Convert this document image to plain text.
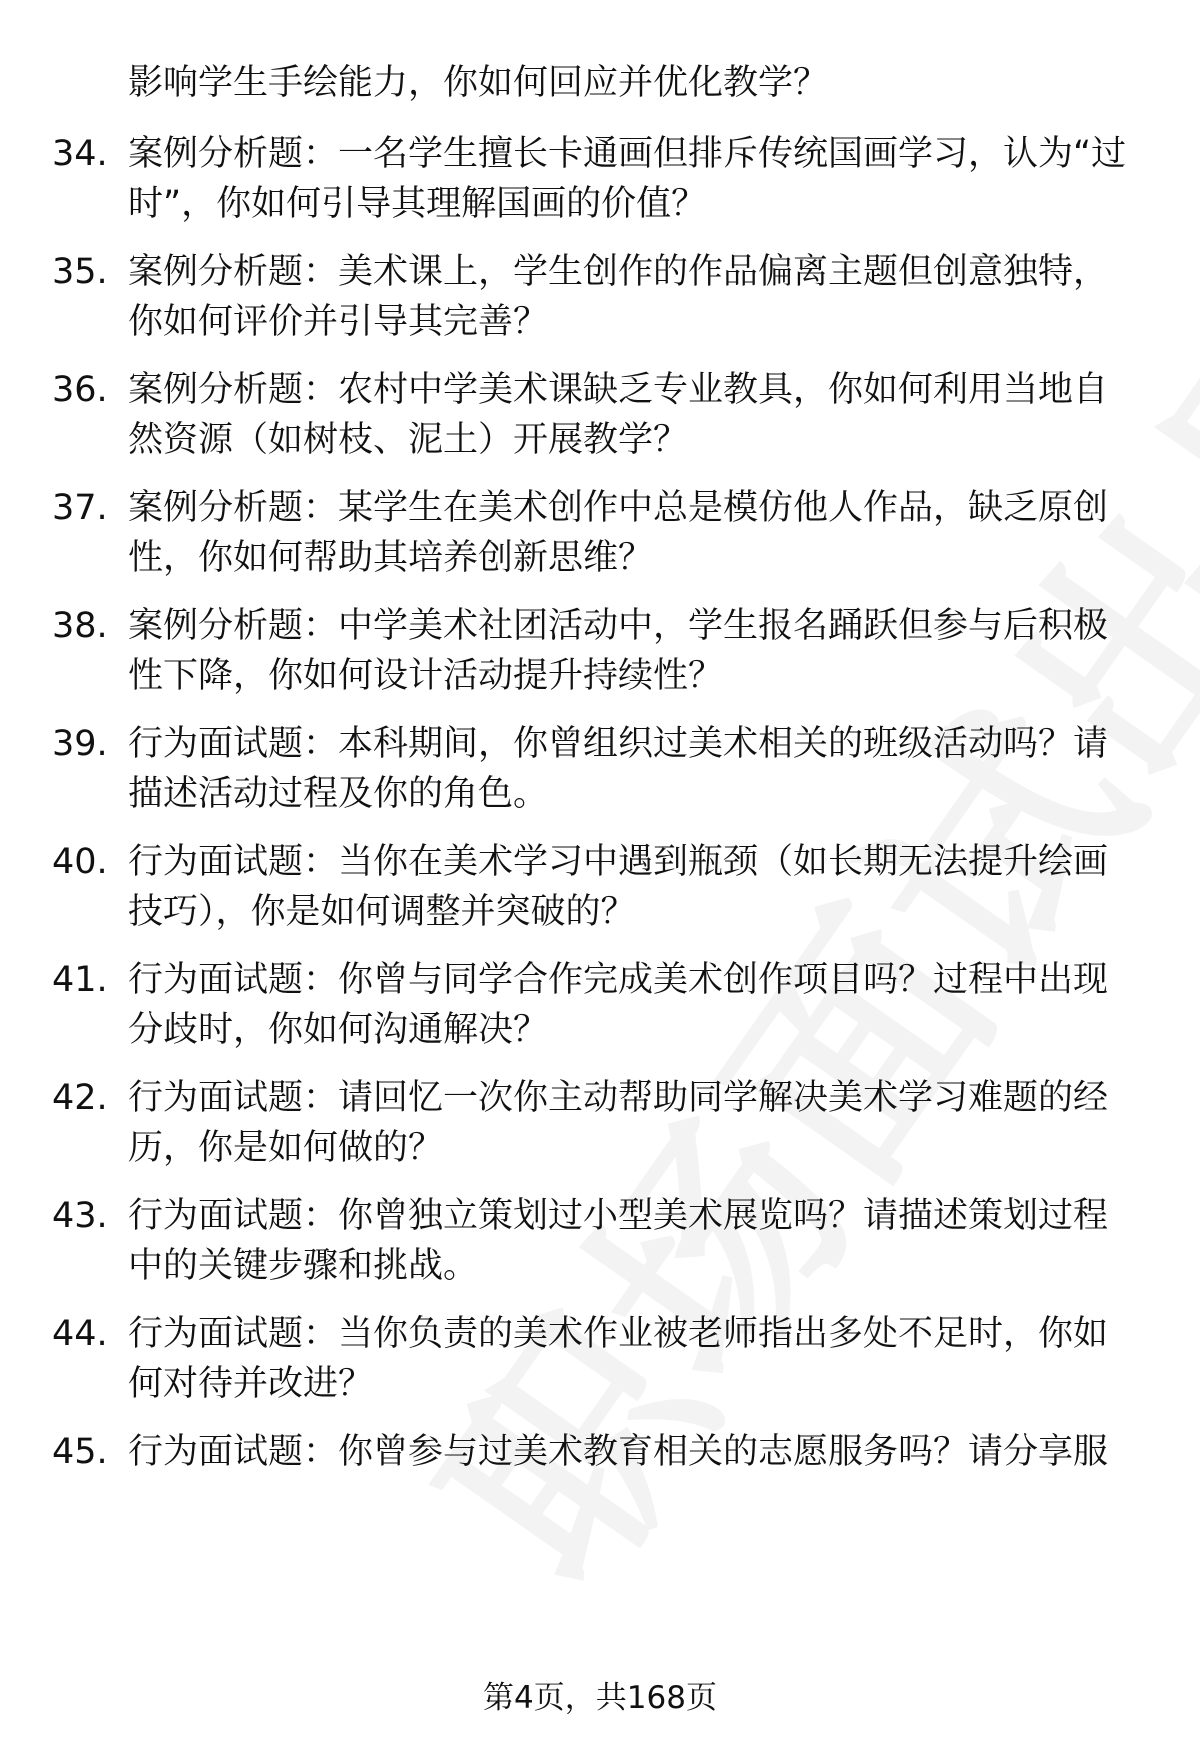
影响学生手绘能力，你如何回应并优化教学？
34. 案例分析题：一名学生擅长卡通画但排斥传统国画学习，认为“过时”，你如何引导其理解国画的价值？
35. 案例分析题：美术课上，学生创作的作品偏离主题但创意独特，你如何评价并引导其完善？
36. 案例分析题：农村中学美术课缺乏专业教具，你如何利用当地自然资源（如树枝、泥土）开展教学？
37. 案例分析题：某学生在美术创作中总是模仿他人作品，缺乏原创性，你如何帮助其培养创新思维？
38. 案例分析题：中学美术社团活动中，学生报名踊跃但参与后积极性下降，你如何设计活动提升持续性？
39. 行为面试题：本科期间，你曾组织过美术相关的班级活动吗？请描述活动过程及你的角色。
40. 行为面试题：当你在美术学习中遇到瓶颈（如长期无法提升绘画技巧），你是如何调整并突破的？
41. 行为面试题：你曾与同学合作完成美术创作项目吗？过程中出现分歧时，你如何沟通解决？
42. 行为面试题：请回忆一次你主动帮助同学解决美术学习难题的经历，你是如何做的？
43. 行为面试题：你曾独立策划过小型美术展览吗？请描述策划过程中的关键步骤和挑战。
44. 行为面试题：当你负责的美术作业被老师指出多处不足时，你如何对待并改进？
45. 行为面试题：你曾参与过美术教育相关的志愿服务吗？请分享服
第4页，共168页
